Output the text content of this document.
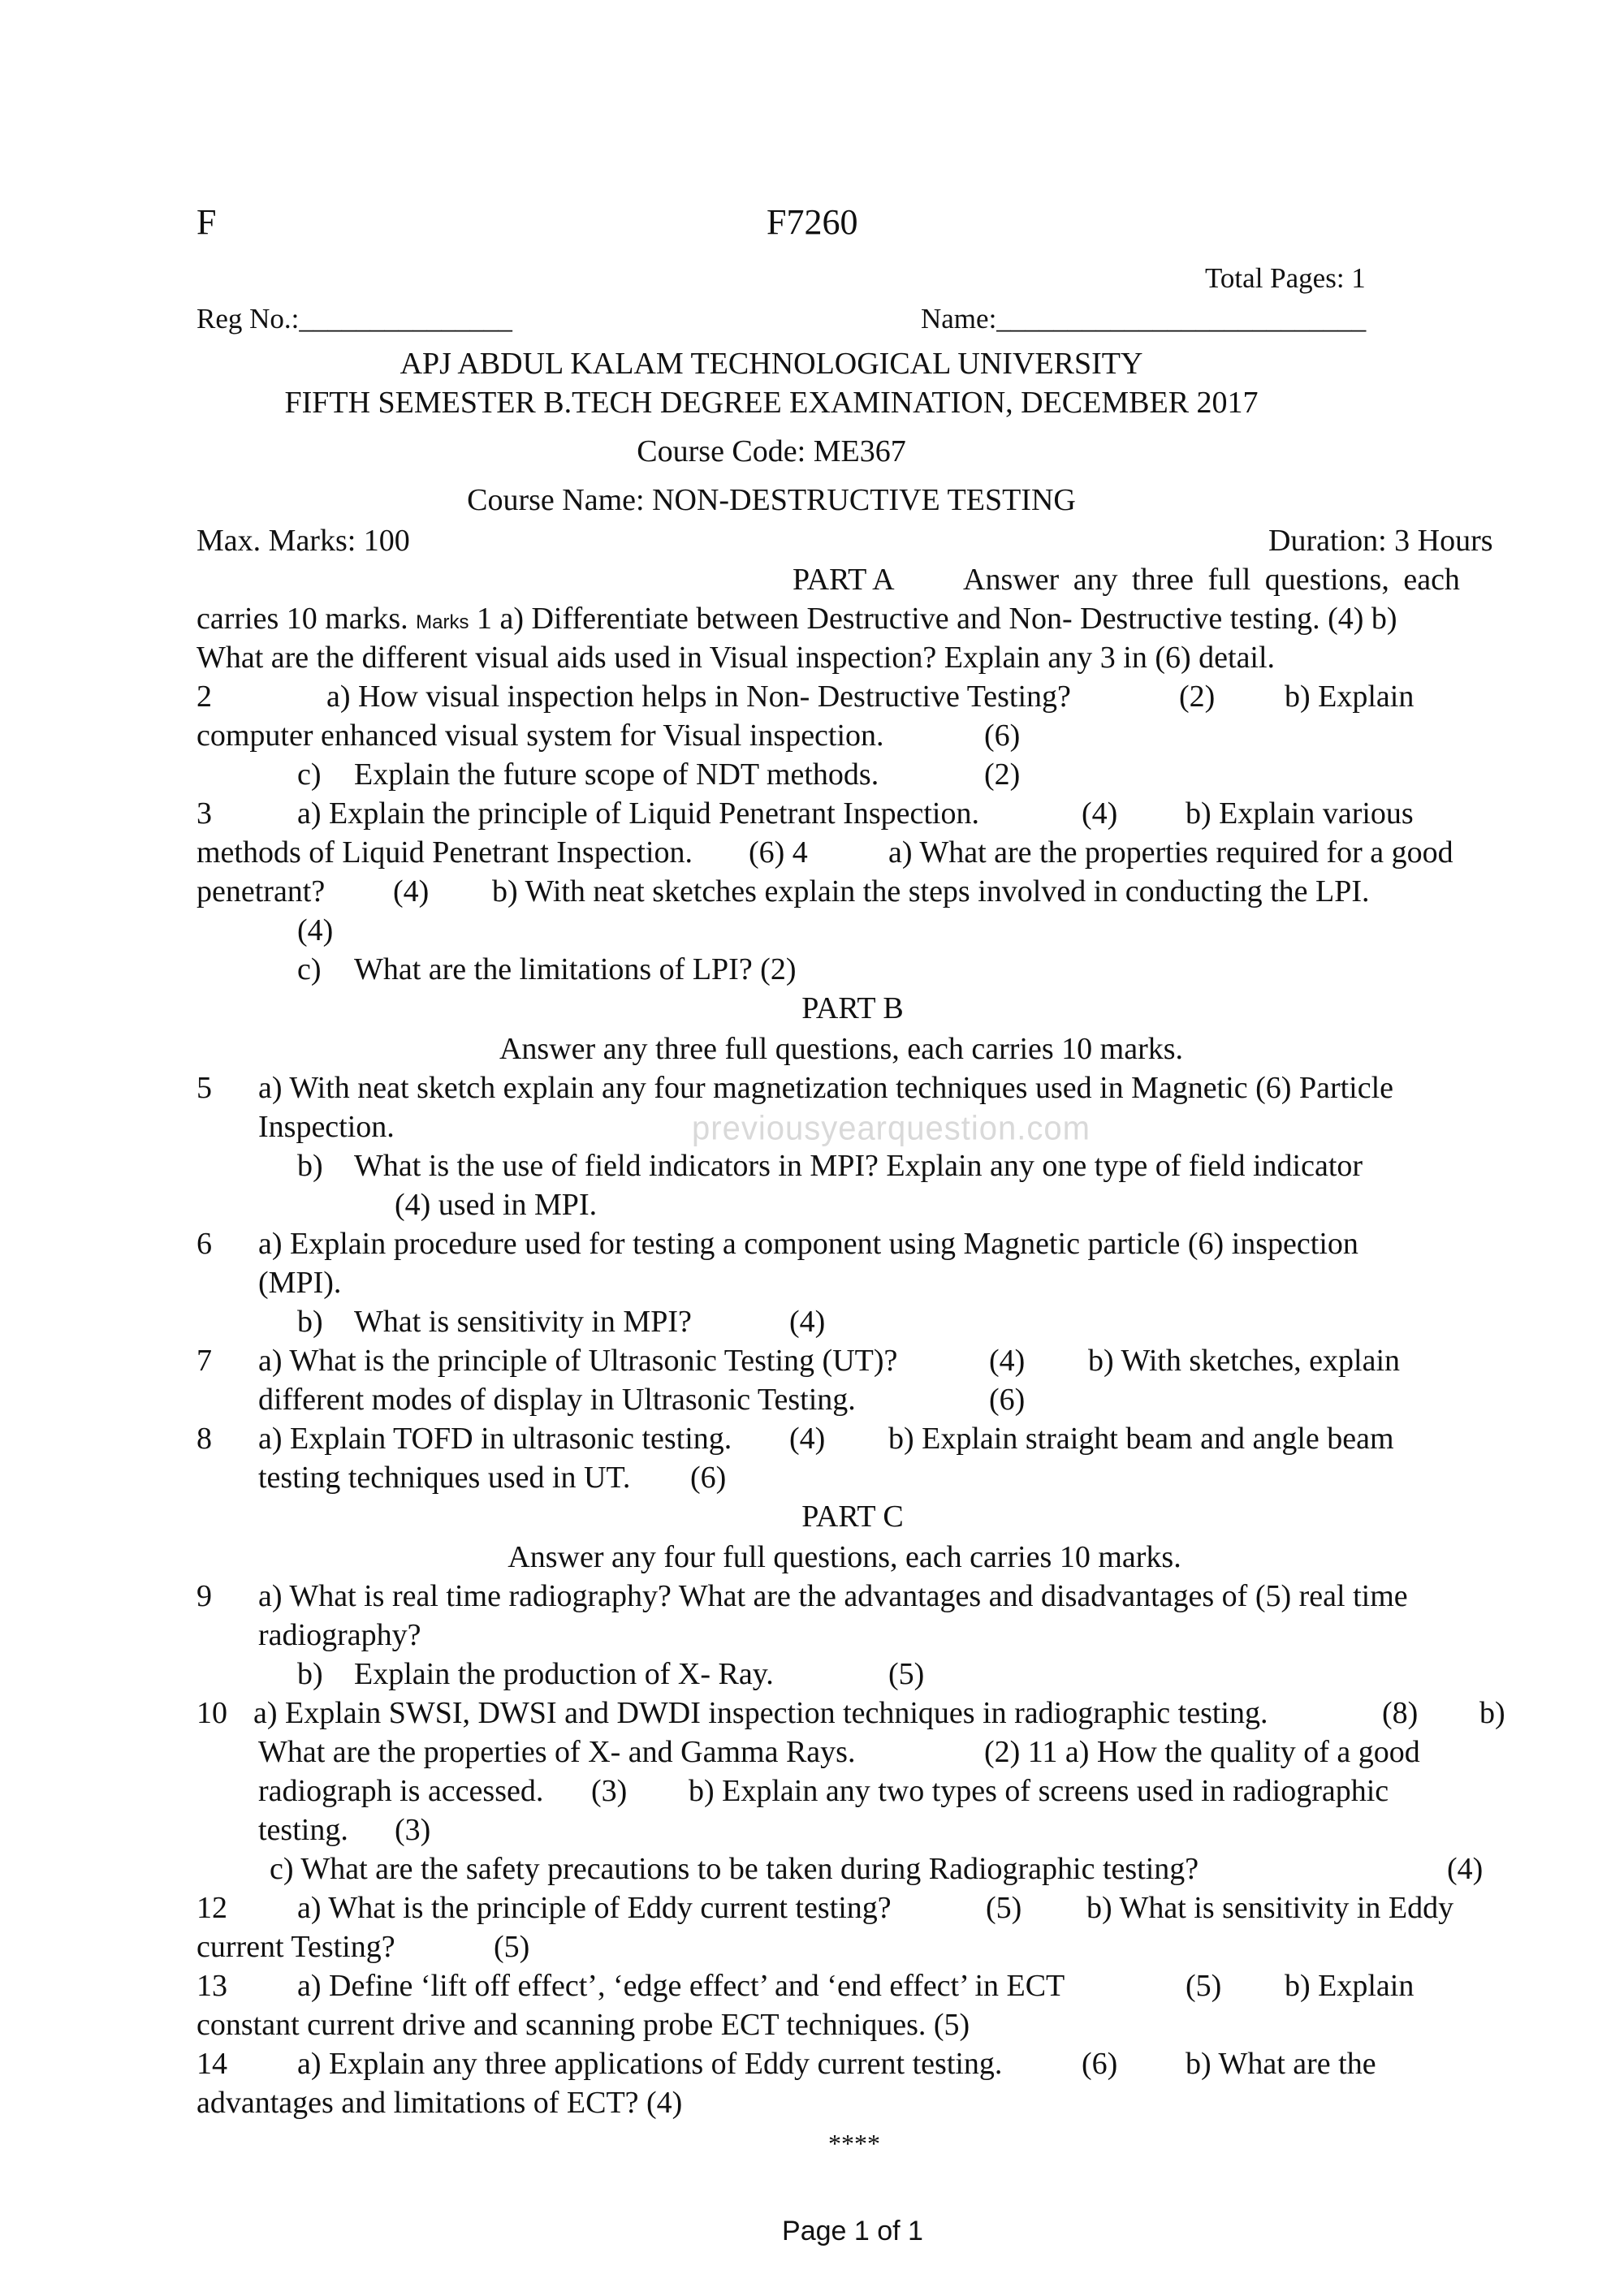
F	F7260
Total Pages: 1
Reg No.:_______________	Name:__________________________
APJ ABDUL KALAM TECHNOLOGICAL UNIVERSITY
FIFTH SEMESTER B.TECH DEGREE EXAMINATION, DECEMBER 2017
Course Code: ME367
Course Name: NON-DESTRUCTIVE TESTING
Max. Marks: 100	Duration: 3 Hours
PART A Answer any three full questions, each
carries 10 marks. Marks 1 a) Differentiate between Destructive and Non- Destructive testing. (4) b)
What are the different visual aids used in Visual inspection? Explain any 3 in (6) detail.
2	a) How visual inspection helps in Non- Destructive Testing?	(2) b) Explain
computer enhanced visual system for Visual inspection.	(6)
c) Explain the future scope of NDT methods.	(2)
3	a) Explain the principle of Liquid Penetrant Inspection.	(4) b) Explain various
methods of Liquid Penetrant Inspection. (6) 4	a) What are the properties required for a good
penetrant? (4) b) With neat sketches explain the steps involved in conducting the LPI.
(4)
c) What are the limitations of LPI? (2)
PART B
Answer any three full questions, each carries 10 marks.
5 a) With neat sketch explain any four magnetization techniques used in Magnetic (6) Particle
Inspection.
b) What is the use of field indicators in MPI? Explain any one type of field indicator
(4) used in MPI.
6 a) Explain procedure used for testing a component using Magnetic particle (6) inspection
(MPI).
b) What is sensitivity in MPI?	(4)
7 a) What is the principle of Ultrasonic Testing (UT)?	(4) b) With sketches, explain
different modes of display in Ultrasonic Testing.	(6)
8 a) Explain TOFD in ultrasonic testing. (4) b) Explain straight beam and angle beam
testing techniques used in UT. (6)
PART C
Answer any four full questions, each carries 10 marks.
9 a) What is real time radiography? What are the advantages and disadvantages of (5) real time
radiography?
b) Explain the production of X- Ray.	(5)
10 a) Explain SWSI, DWSI and DWDI inspection techniques in radiographic testing.	(8) b)
What are the properties of X- and Gamma Rays.	(2) 11 a) How the quality of a good
radiograph is accessed. (3) b) Explain any two types of screens used in radiographic
testing. (3)
c) What are the safety precautions to be taken during Radiographic testing?	(4)
12 a) What is the principle of Eddy current testing?	(5) b) What is sensitivity in Eddy
current Testing?	(5)
13 a) Define ‘lift off effect’, ‘edge effect’ and ‘end effect’ in ECT	(5) b) Explain
constant current drive and scanning probe ECT techniques. (5)
14 a) Explain any three applications of Eddy current testing.	(6) b) What are the
advantages and limitations of ECT? (4)
****
previousyearquestion.com
Page 1 of 1
